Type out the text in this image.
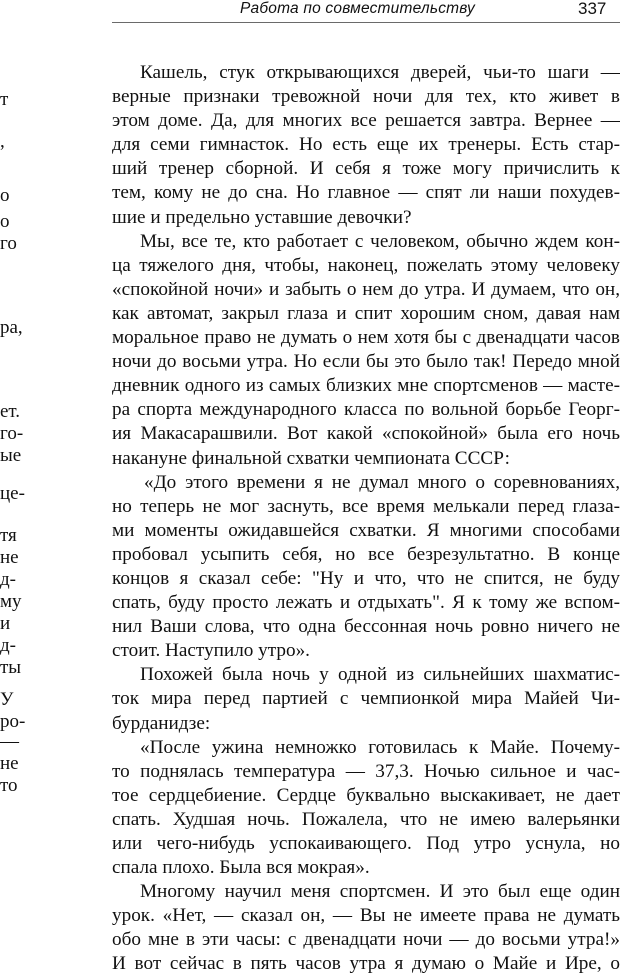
Работа по совместительству	337
т
,
о
о
го
ра,
ет.
го-
ые
це-
тя
не
д-
му
и
д-
ты
У
ро-
—
не
то
Кашель, стук открывающихся дверей, чьи-то шаги —
верные признаки тревожной ночи для тех, кто живет в
этом доме. Да, для многих все решается завтра. Вернее —
для семи гимнасток. Но есть еще их тренеры. Есть стар-
ший тренер сборной. И себя я тоже могу причислить к
тем, кому не до сна. Но главное — спят ли наши похудев-
шие и предельно уставшие девочки?
Мы, все те, кто работает с человеком, обычно ждем кон-
ца тяжелого дня, чтобы, наконец, пожелать этому человеку
«спокойной ночи» и забыть о нем до утра. И думаем, что он,
как автомат, закрыл глаза и спит хорошим сном, давая нам
моральное право не думать о нем хотя бы с двенадцати часов
ночи до восьми утра. Но если бы это было так! Передо мной
дневник одного из самых близких мне спортсменов — масте-
ра спорта международного класса по вольной борьбе Георг-
ия Макасарашвили. Вот какой «спокойной» была его ночь
накануне финальной схватки чемпионата СССР:
«До этого времени я не думал много о соревнованиях,
но теперь не мог заснуть, все время мелькали перед глаза-
ми моменты ожидавшейся схватки. Я многими способами
пробовал усыпить себя, но все безрезультатно. В конце
концов я сказал себе: "Ну и что, что не спится, не буду
спать, буду просто лежать и отдыхать". Я к тому же вспом-
нил Ваши слова, что одна бессонная ночь ровно ничего не
стоит. Наступило утро».
Похожей была ночь у одной из сильнейших шахматис-
ток мира перед партией с чемпионкой мира Майей Чи-
бурданидзе:
«После ужина немножко готовилась к Майе. Почему-
то поднялась температура — 37,3. Ночью сильное и час-
тое сердцебиение. Сердце буквально выскакивает, не дает
спать. Худшая ночь. Пожалела, что не имею валерьянки
или чего-нибудь успокаивающего. Под утро уснула, но
спала плохо. Была вся мокрая».
Многому научил меня спортсмен. И это был еще один
урок. «Нет, — сказал он, — Вы не имеете права не думать
обо мне в эти часы: с двенадцати ночи — до восьми утра!»
И вот сейчас в пять часов утра я думаю о Майе и Ире, о
